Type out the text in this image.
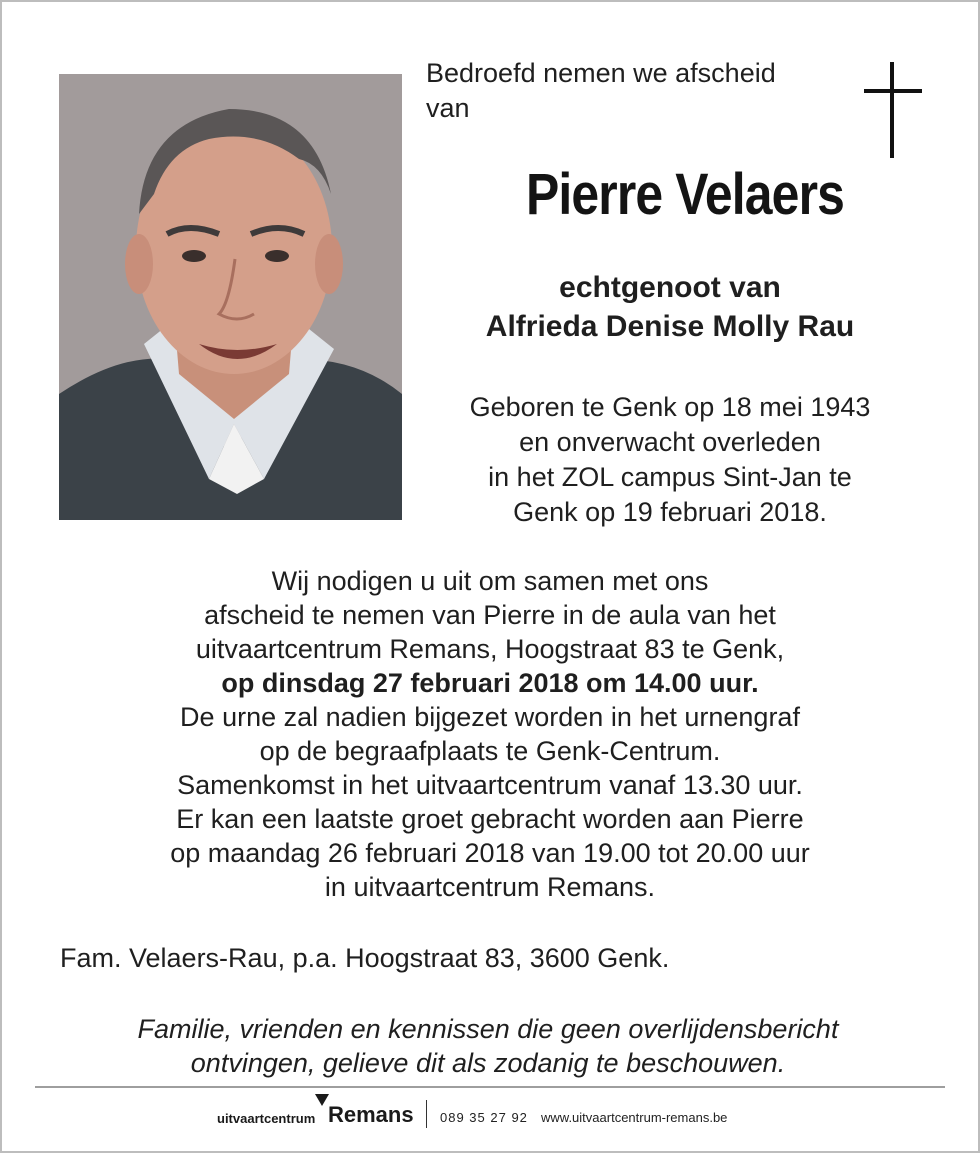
Bedroefd nemen we afscheid
van
Pierre Velaers
echtgenoot van
Alfrieda Denise Molly Rau
Geboren te Genk op 18 mei 1943
en onverwacht overleden
in het ZOL campus Sint-Jan te
Genk op 19 februari 2018.
Wij nodigen u uit om samen met ons
afscheid te nemen van Pierre in de aula van het
uitvaartcentrum Remans, Hoogstraat 83 te Genk,
op dinsdag 27 februari 2018 om 14.00 uur.
De urne zal nadien bijgezet worden in het urnengraf
op de begraafplaats te Genk-Centrum.
Samenkomst in het uitvaartcentrum vanaf 13.30 uur.
Er kan een laatste groet gebracht worden aan Pierre
op maandag 26 februari 2018 van 19.00 tot 20.00 uur
in uitvaartcentrum Remans.
Fam. Velaers-Rau, p.a. Hoogstraat 83, 3600 Genk.
Familie, vrienden en kennissen die geen overlijdensbericht
ontvingen, gelieve dit als zodanig te beschouwen.
uitvaartcentrum Remans 089 35 27 92 www.uitvaartcentrum-remans.be
